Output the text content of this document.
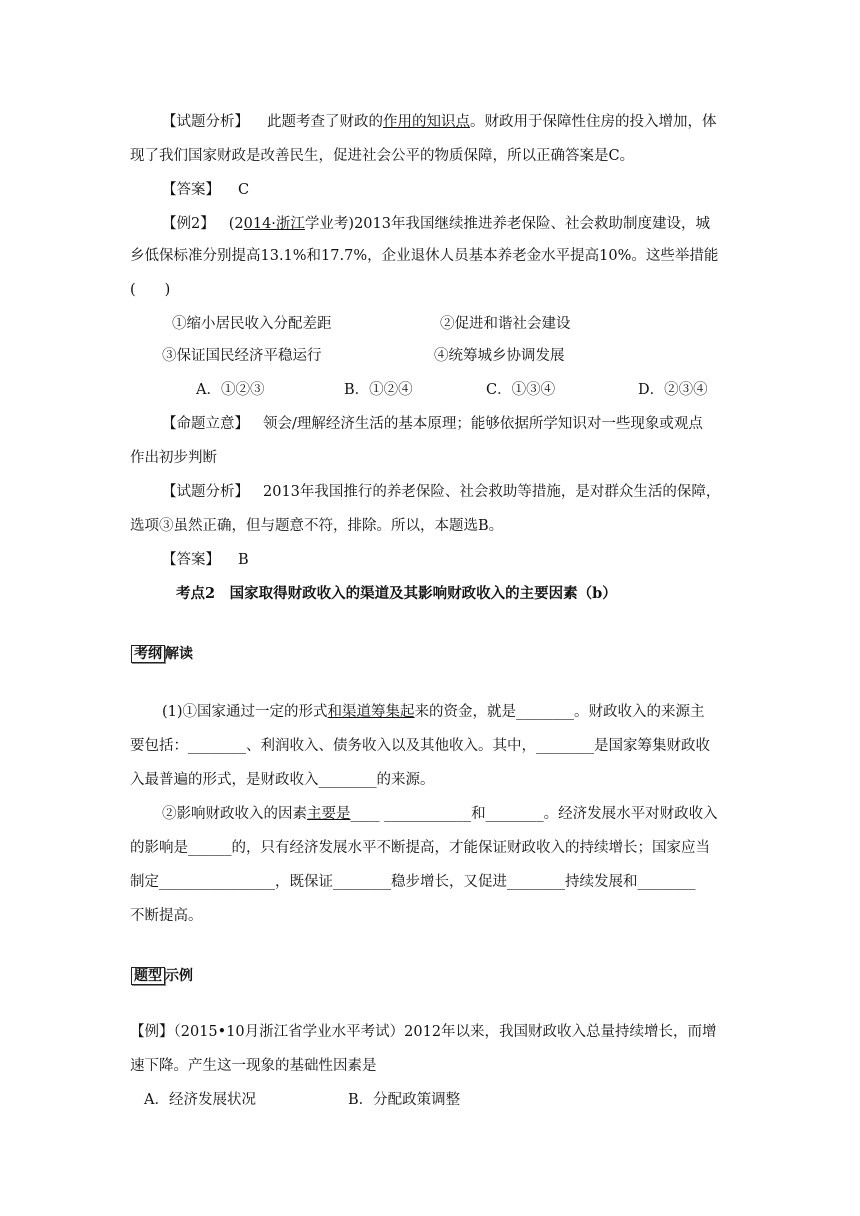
【试题分析】 此题考查了财政的作用的知识点。财政用于保障性住房的投入增加，体
现了我们国家财政是改善民生，促进社会公平的物质保障，所以正确答案是C。
【答案】 C
【例2】 (2014·浙江学业考)2013年我国继续推进养老保险、社会救助制度建设，城
乡低保标准分别提高13.1%和17.7%，企业退休人员基本养老金水平提高10%。这些举措能
(　　)
①缩小居民收入分配差距	②促进和谐社会建设
③保证国民经济平稳运行	④统筹城乡协调发展
A．①②③	B．①②④	C．①③④	D．②③④
【命题立意】 领会/理解经济生活的基本原理；能够依据所学知识对一些现象或观点
作出初步判断
【试题分析】 2013年我国推行的养老保险、社会救助等措施，是对群众生活的保障，
选项③虽然正确，但与题意不符，排除。所以，本题选B。
【答案】 B
考点2　国家取得财政收入的渠道及其影响财政收入的主要因素（b）
考纲 解读
(1)①国家通过一定的形式和渠道筹集起来的资金，就是________。财政收入的来源主
要包括：________、利润收入、债务收入以及其他收入。其中，________是国家筹集财政收
入最普遍的形式，是财政收入________的来源。
②影响财政收入的因素主要是____ ____________和________。经济发展水平对财政收入
的影响是______的，只有经济发展水平不断提高，才能保证财政收入的持续增长；国家应当
制定________________，既保证________稳步增长，又促进________持续发展和________
不断提高。
题型 示例
【例】（2015•10月浙江省学业水平考试）2012年以来，我国财政收入总量持续增长，而增
速下降。产生这一现象的基础性因素是
A．经济发展状况	B．分配政策调整
